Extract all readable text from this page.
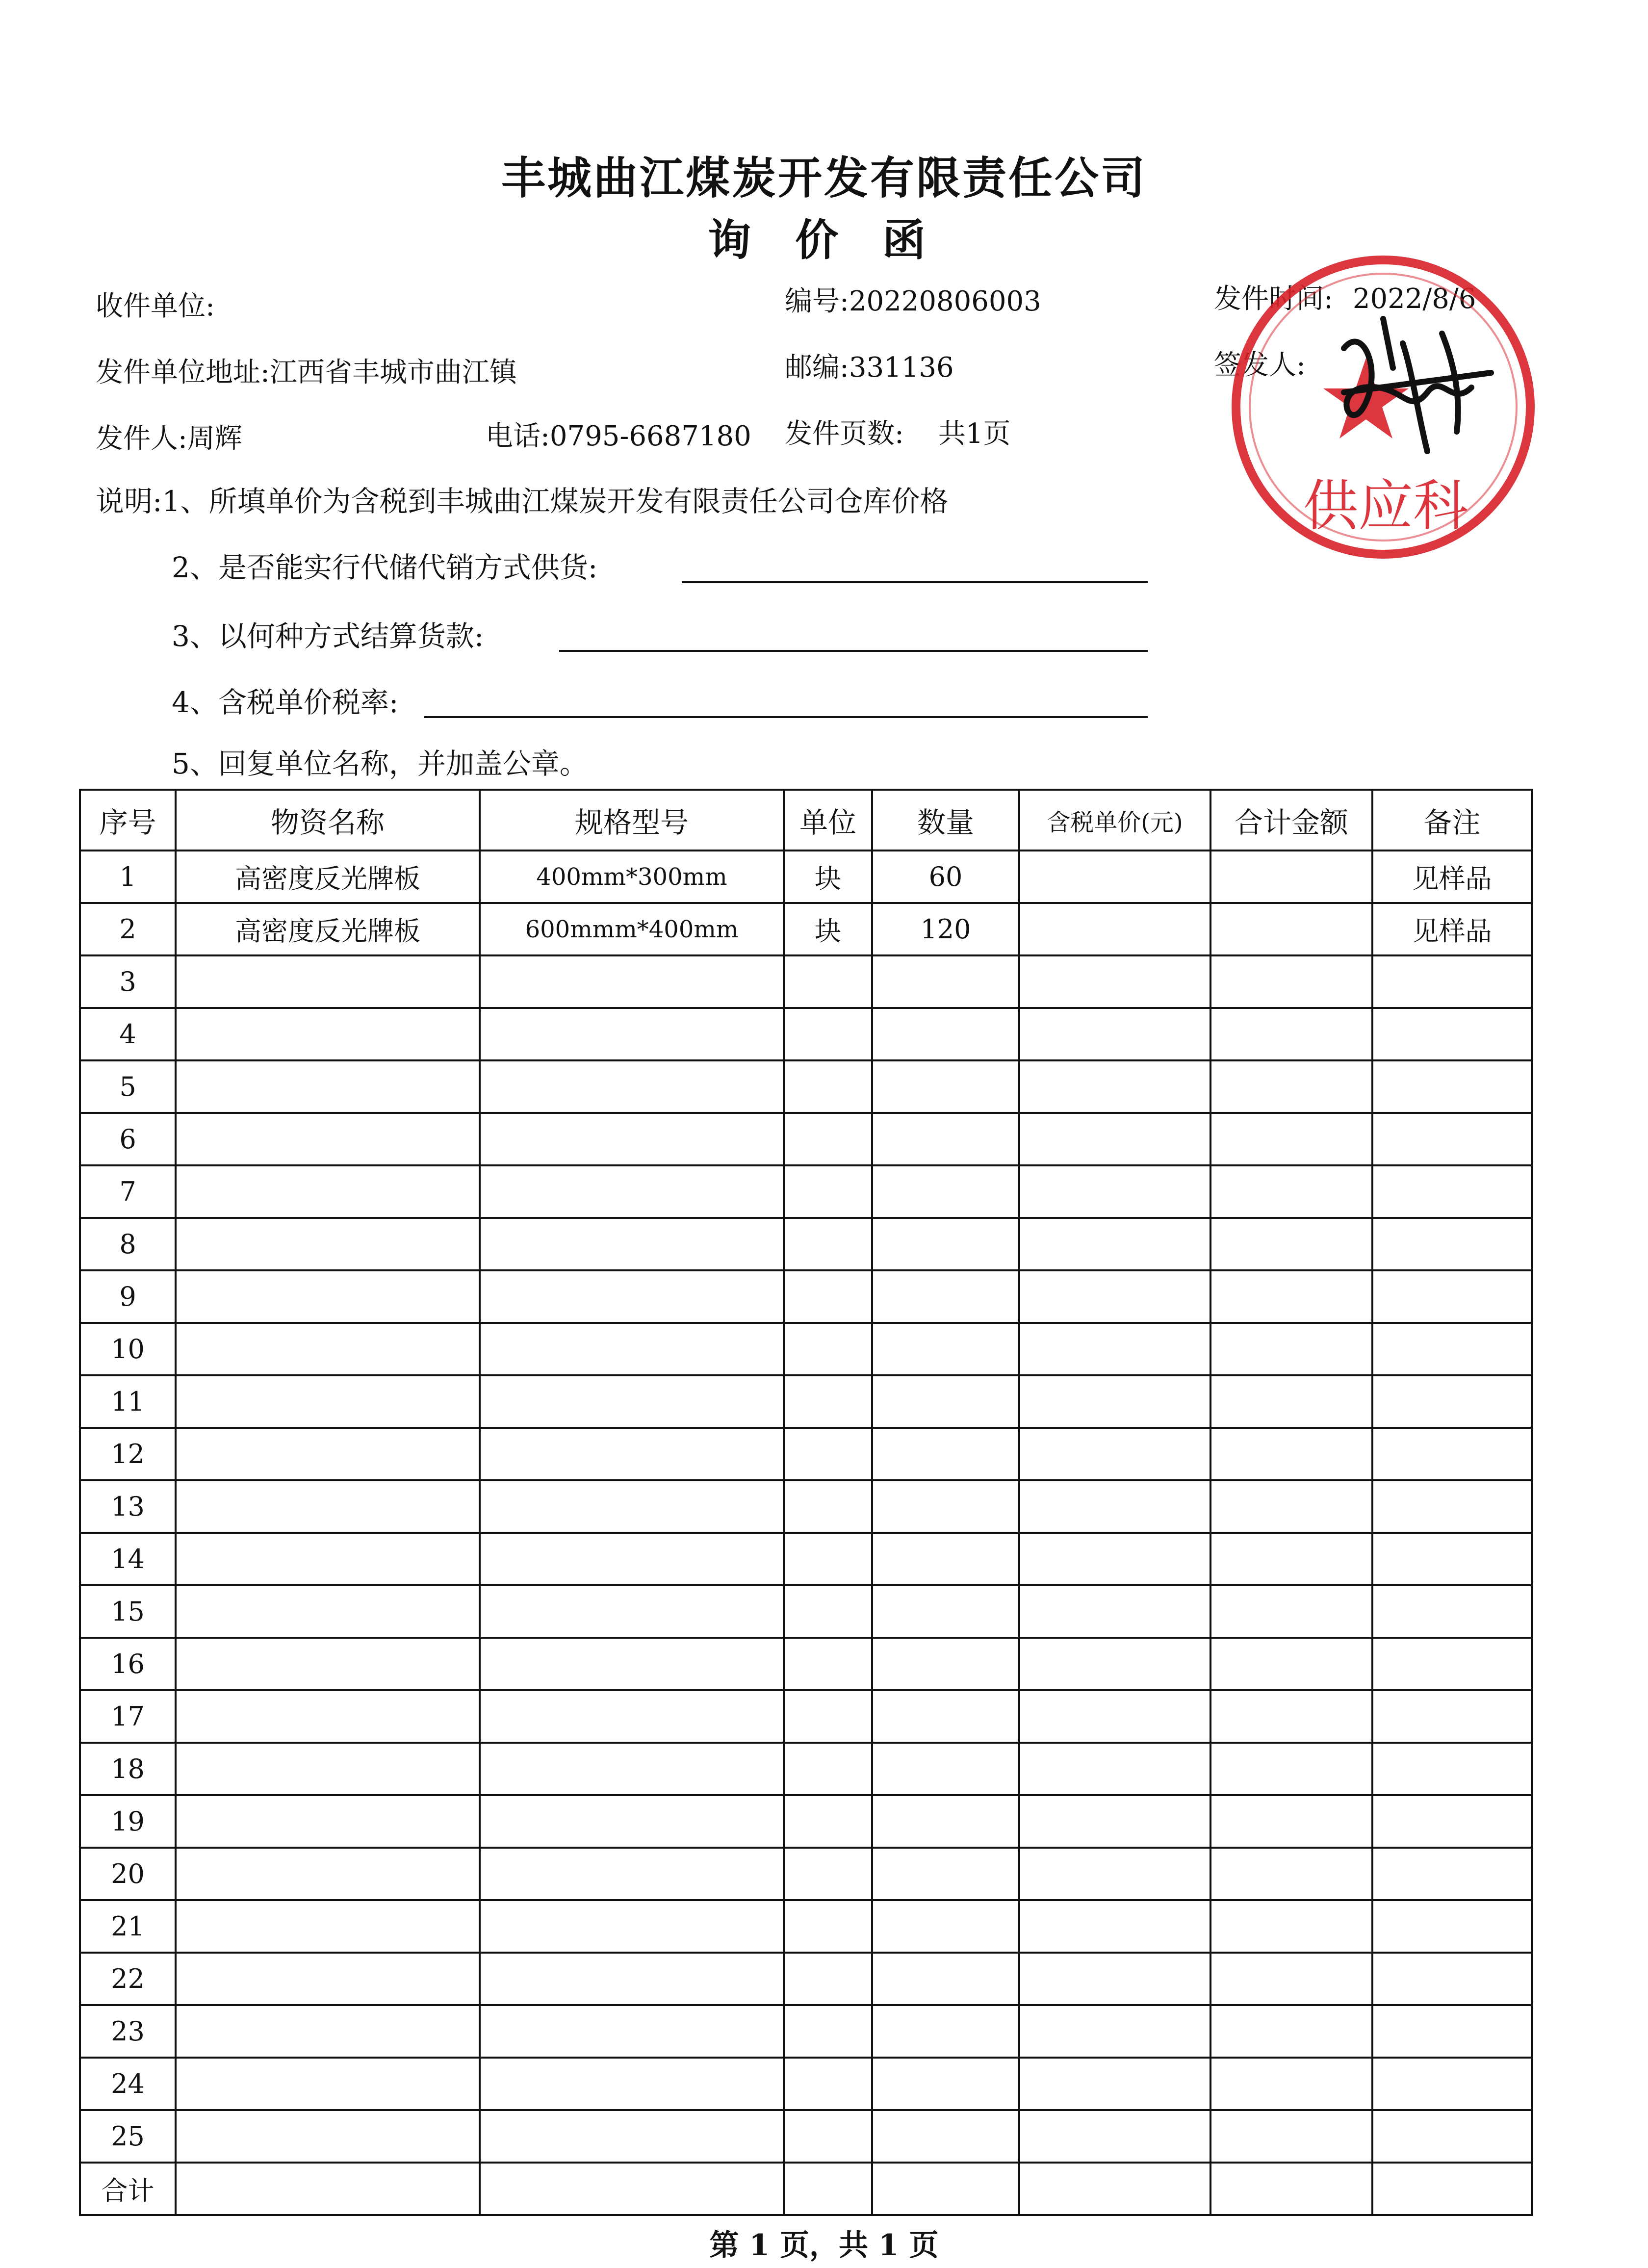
丰城曲江煤炭开发有限责任公司
询价函
收件单位:	编号:20220806003	发件时间: 2022/8/6
发件单位地址:江西省丰城市曲江镇	邮编:331136	签发人:
发件人:周辉	电话:0795-6687180 发件页数: 共1页
说明:1、所填单价为含税到丰城曲江煤炭开发有限责任公司仓库价格
2、是否能实行代储代销方式供货:
3、以何种方式结算货款:
4、含税单价税率:
5、回复单位名称，并加盖公章。
供应科
序号	物资名称	规格型号	单位	数量	含税单价(元)	合计金额	备注
1	高密度反光牌板	400mm*300mm	块	60			见样品
2	高密度反光牌板	600mmm*400mm	块	120			见样品
3							
4							
5							
6							
7							
8							
9							
10							
11							
12							
13							
14							
15							
16							
17							
18							
19							
20							
21							
22							
23							
24							
25							
合计							
第 1 页，共 1 页
